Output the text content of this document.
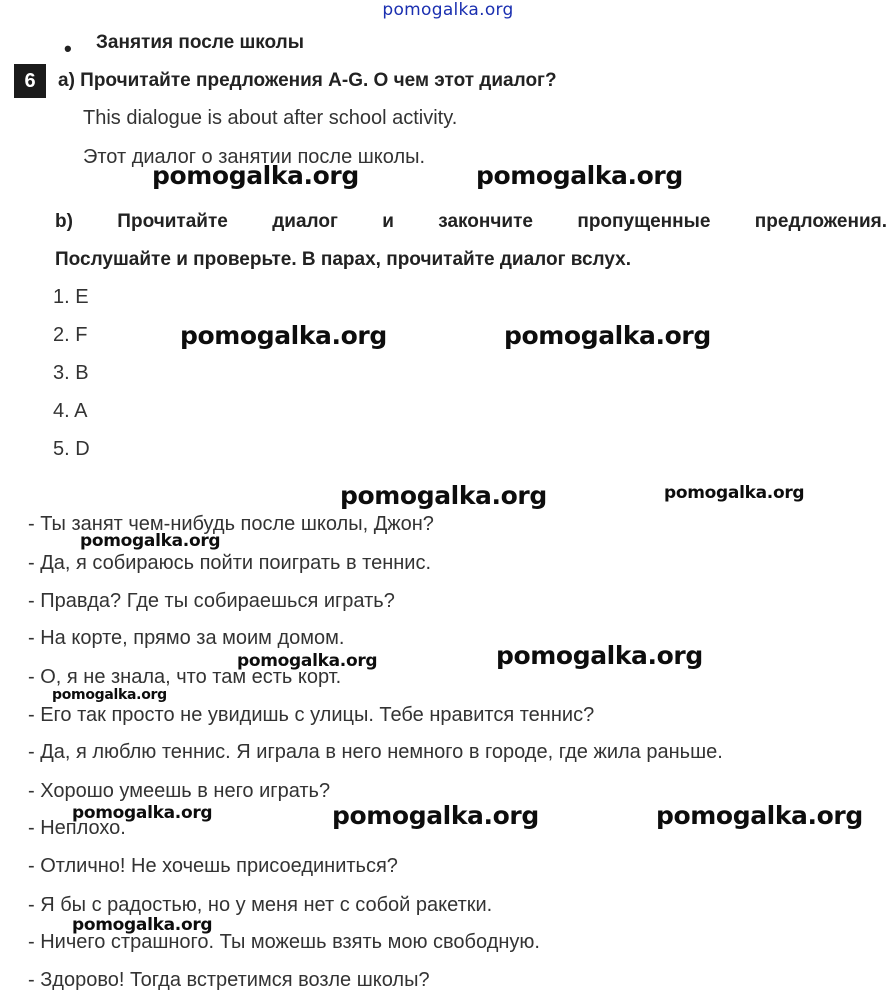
pomogalka.org
• Занятия после школы
6	a) Прочитайте предложения A-G. О чем этот диалог?
This dialogue is about after school activity.
Этот диалог о занятии после школы.
b) Прочитайте диалог и закончите пропущенные предложения.
Послушайте и проверьте. В парах, прочитайте диалог вслух.
1. E
2. F
3. B
4. A
5. D
- Ты занят чем-нибудь после школы, Джон?
- Да, я собираюсь пойти поиграть в теннис.
- Правда? Где ты собираешься играть?
- На корте, прямо за моим домом.
- О, я не знала, что там есть корт.
- Его так просто не увидишь с улицы. Тебе нравится теннис?
- Да, я люблю теннис. Я играла в него немного в городе, где жила раньше.
- Хорошо умеешь в него играть?
- Неплохо.
- Отлично! Не хочешь присоединиться?
- Я бы с радостью, но у меня нет с собой ракетки.
- Ничего страшного. Ты можешь взять мою свободную.
- Здорово! Тогда встретимся возле школы?
pomogalka.org	pomogalka.org
pomogalka.org	pomogalka.org
pomogalka.org	pomogalka.org
pomogalka.org
pomogalka.org
pomogalka.org
pomogalka.org
pomogalka.org	pomogalka.org	pomogalka.org
pomogalka.org
